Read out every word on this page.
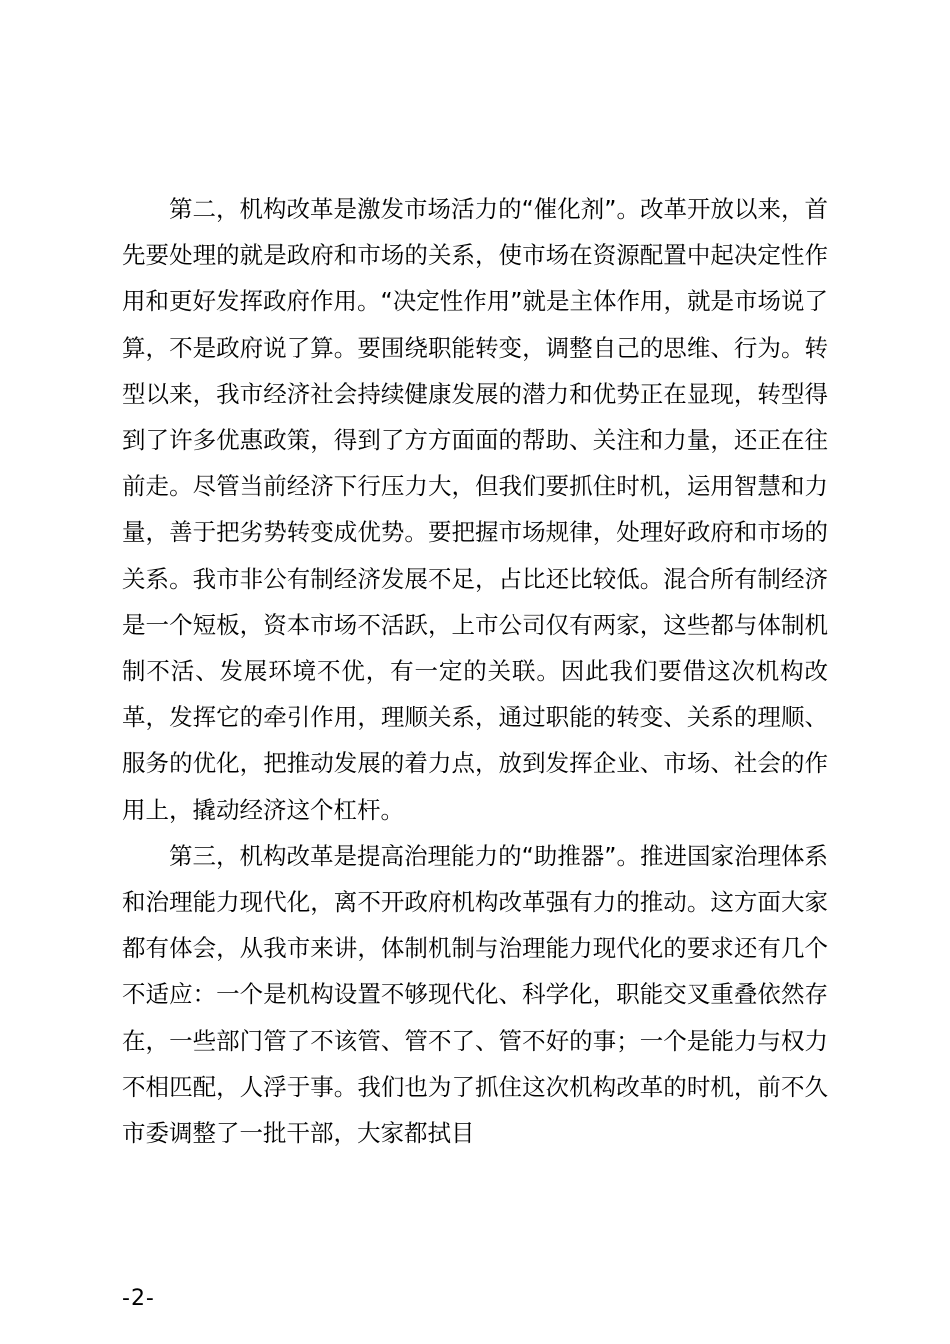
第二，机构改革是激发市场活力的“催化剂”。改革开放以来，首先要处理的就是政府和市场的关系，使市场在资源配置中起决定性作用和更好发挥政府作用。“决定性作用”就是主体作用，就是市场说了算，不是政府说了算。要围绕职能转变，调整自己的思维、行为。转型以来，我市经济社会持续健康发展的潜力和优势正在显现，转型得到了许多优惠政策，得到了方方面面的帮助、关注和力量，还正在往前走。尽管当前经济下行压力大，但我们要抓住时机，运用智慧和力量，善于把劣势转变成优势。要把握市场规律，处理好政府和市场的关系。我市非公有制经济发展不足，占比还比较低。混合所有制经济是一个短板，资本市场不活跃，上市公司仅有两家，这些都与体制机制不活、发展环境不优，有一定的关联。因此我们要借这次机构改革，发挥它的牵引作用，理顺关系，通过职能的转变、关系的理顺、服务的优化，把推动发展的着力点，放到发挥企业、市场、社会的作用上，撬动经济这个杠杆。

第三，机构改革是提高治理能力的“助推器”。推进国家治理体系和治理能力现代化，离不开政府机构改革强有力的推动。这方面大家都有体会，从我市来讲，体制机制与治理能力现代化的要求还有几个不适应：一个是机构设置不够现代化、科学化，职能交叉重叠依然存在，一些部门管了不该管、管不了、管不好的事；一个是能力与权力不相匹配，人浮于事。我们也为了抓住这次机构改革的时机，前不久市委调整了一批干部，大家都拭目

-2-
